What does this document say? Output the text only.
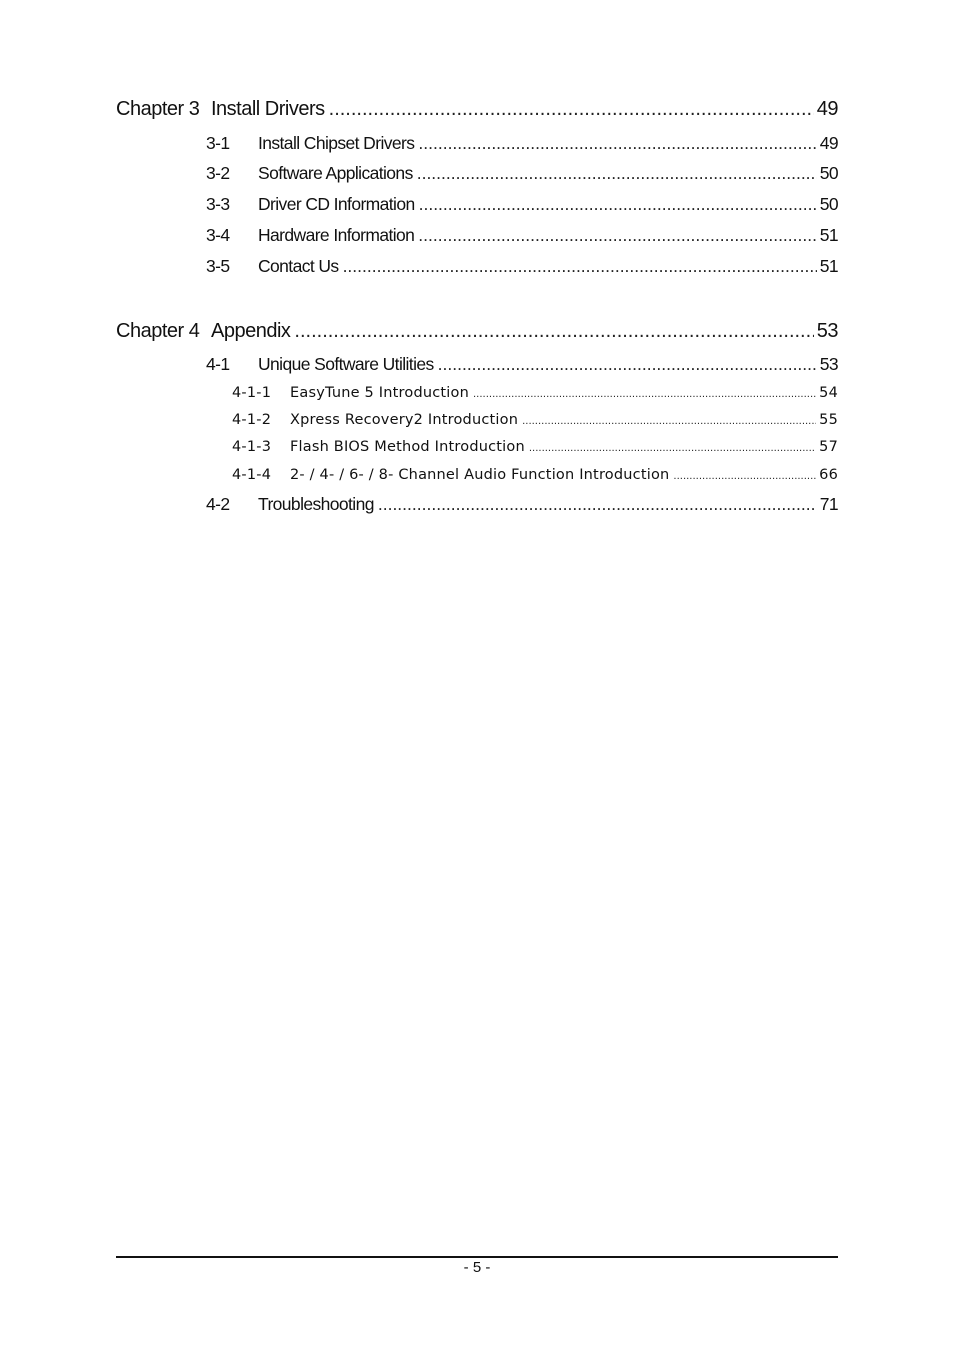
Chapter 3 Install Drivers .....	49
3-1	Install Chipset Drivers .....	49
3-2	Software Applications .....	50
3-3	Driver CD Information .....	50
3-4	Hardware Information .....	51
3-5	Contact Us .....	51
Chapter 4 Appendix .....	53
4-1	Unique Software Utilities .....	53
4-1-1	EasyTune 5 Introduction .....	54
4-1-2	Xpress Recovery2 Introduction .....	55
4-1-3	Flash BIOS Method Introduction .....	57
4-1-4	2- / 4- / 6- / 8- Channel Audio Function Introduction .....	66
4-2	Troubleshooting .....	71
- 5 -
